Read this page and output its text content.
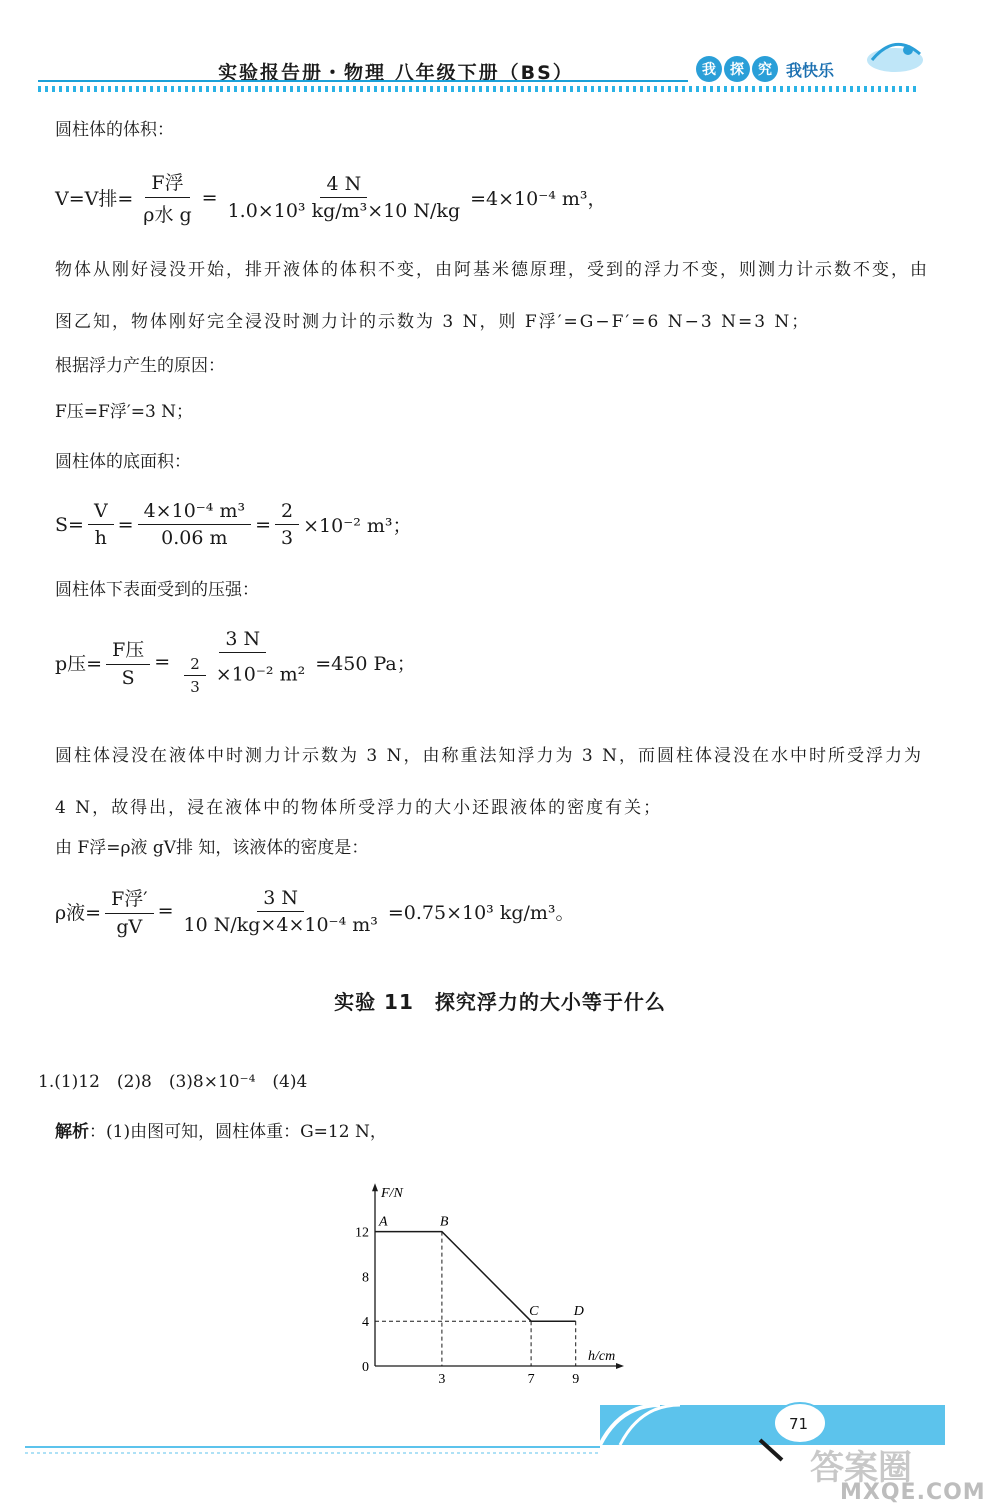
实验报告册・物理 八年级下册（BS）	我	探	究 我快乐
圆柱体的体积：
V=V排= $\frac{\text{F浮}}{\text{ρ水 g}} = \frac{4 N}{\text{1.0×10³ kg/m³×10 N/kg}} =4\times 10^{-4}$ m³，
物体从刚好浸没开始，排开液体的体积不变，由阿基米德原理，受到的浮力不变，则测力计示数不变，由图乙知，物体刚好完全浸没时测力计的示数为 3 N，则 F浮′=G−F′=6 N−3 N=3 N；
根据浮力产生的原因：
F压=F浮′=3 N；
圆柱体的底面积：
$S= \frac{V}{h} = \frac{\text{4×10⁻⁴ m³}}{0.06 m} = \frac{2}{3} \times 10^{-2}$ m³；
圆柱体下表面受到的压强：
p压= $\frac{\text{F压}}{S} = \frac{3 N}{\frac{2}{3} \times 10^{-2} m^2} =450$ Pa；
圆柱体浸没在液体中时测力计示数为 3 N，由称重法知浮力为 3 N，而圆柱体浸没在水中时所受浮力为 4 N，故得出，浸在液体中的物体所受浮力的大小还跟液体的密度有关；
由 F浮=ρ液 gV排 知，该液体的密度是：
ρ液= $\frac{\text{F浮′}}{gV} = \frac{3 N}{\text{10 N/kg×4×10⁻⁴ m³}} =0.75\times 10^3$ kg/m³。
实验 11　探究浮力的大小等于什么
1.(1)12　(2)8　(3)8×10⁻⁴　(4)4
解析：(1)由图可知，圆柱体重：G=12 N，
F/N
h/cm
12
8
4
0
3	7	9
A	B
C	D
71
答案圈
MXQE.COM
